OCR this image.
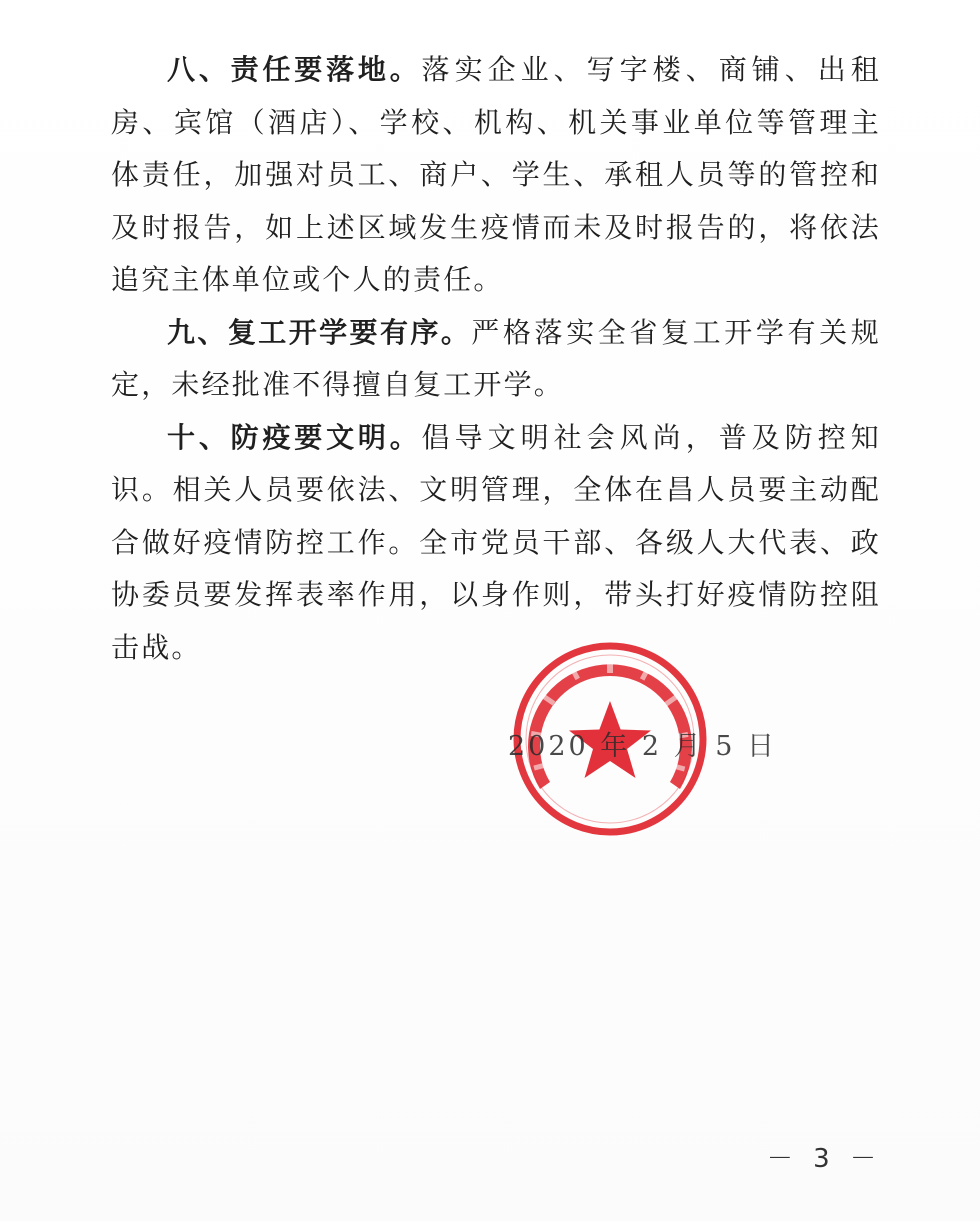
八、责任要落地。落实企业、写字楼、商铺、出租房、宾馆（酒店）、学校、机构、机关事业单位等管理主体责任，加强对员工、商户、学生、承租人员等的管控和及时报告，如上述区域发生疫情而未及时报告的，将依法追究主体单位或个人的责任。

九、复工开学要有序。严格落实全省复工开学有关规定，未经批准不得擅自复工开学。

十、防疫要文明。倡导文明社会风尚，普及防控知识。相关人员要依法、文明管理，全体在昌人员要主动配合做好疫情防控工作。全市党员干部、各级人大代表、政协委员要发挥表率作用，以身作则，带头打好疫情防控阻击战。

2020 年 2 月 5 日
－ 3 －
